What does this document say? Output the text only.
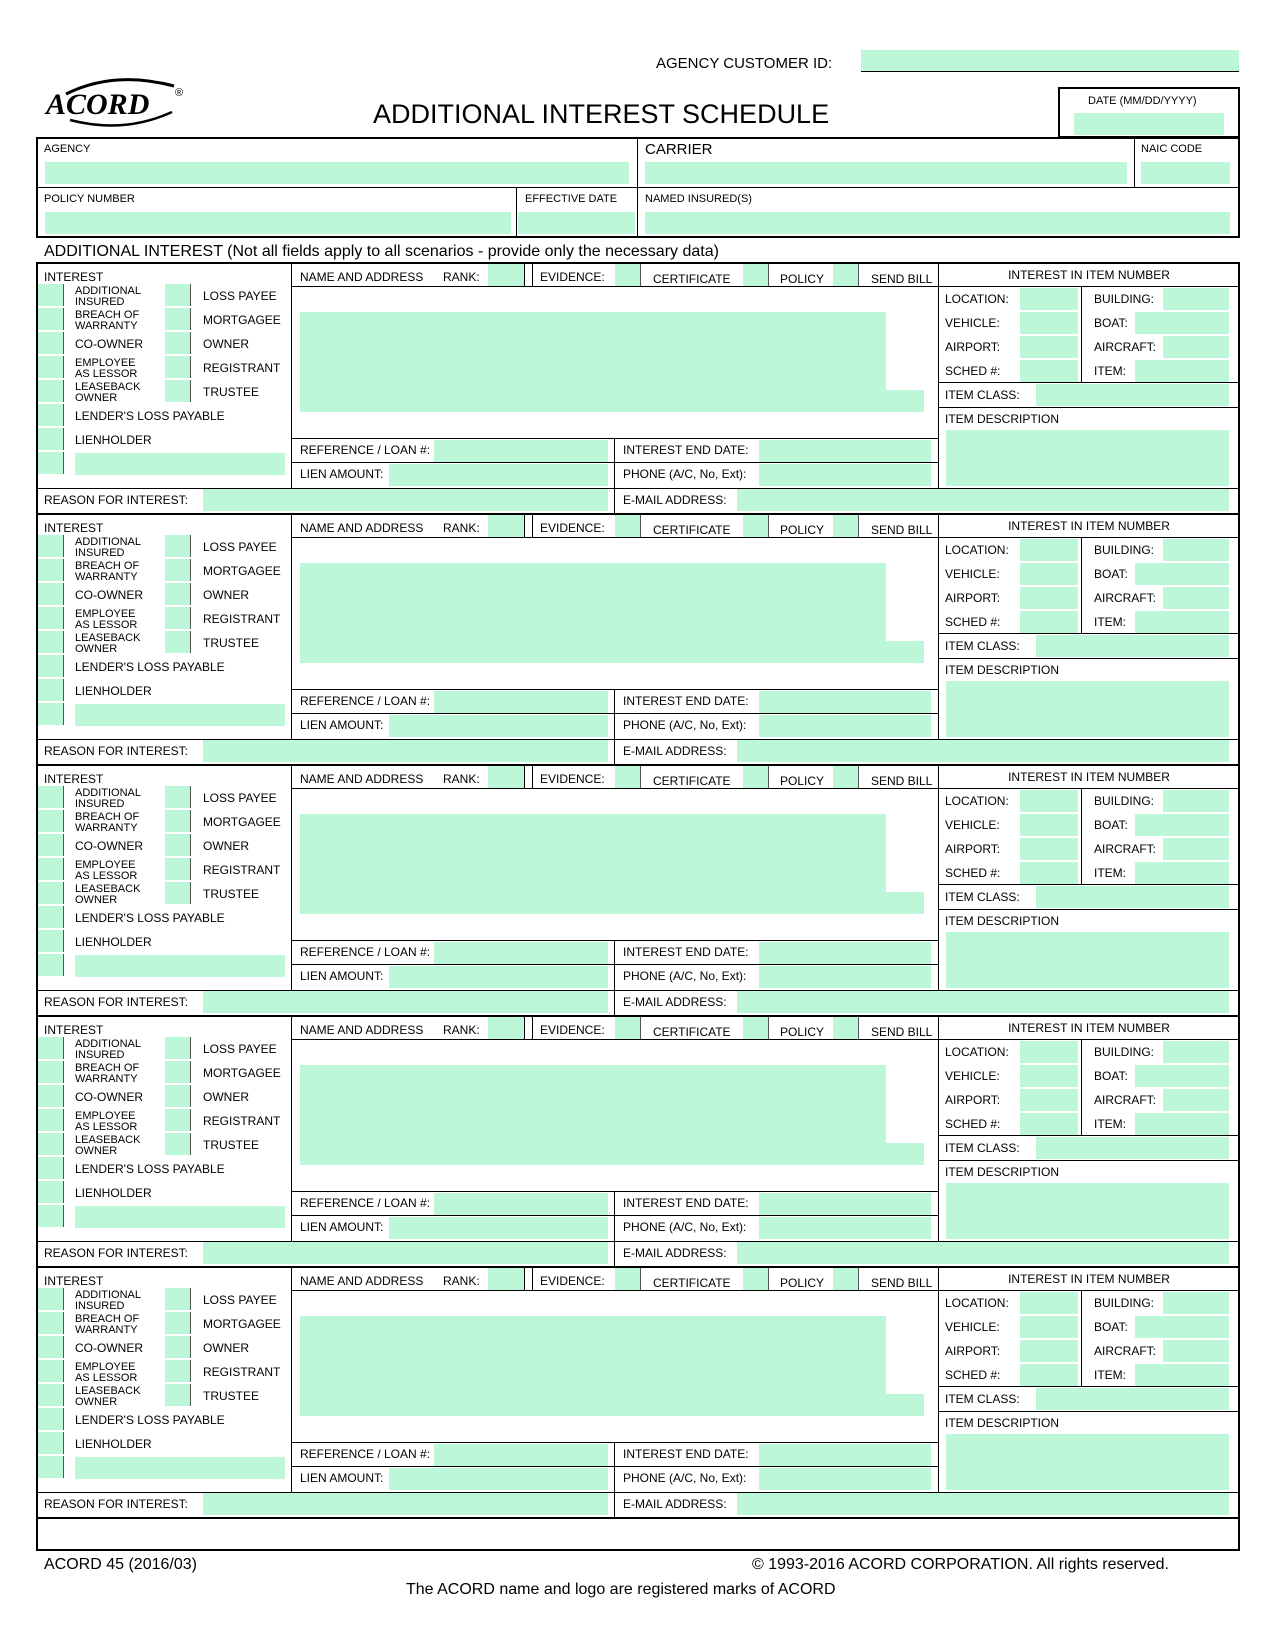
AGENCY CUSTOMER ID:
ACORD ®
ADDITIONAL INTEREST SCHEDULE	DATE (MM/DD/YYYY)
AGENCY	CARRIER	NAIC CODE
POLICY NUMBER	EFFECTIVE DATE	NAMED INSURED(S)
ADDITIONAL INTEREST (Not all fields apply to all scenarios - provide only the necessary data)
INTEREST
ADDITIONAL
INSURED
BREACH OF
WARRANTY
CO-OWNER
EMPLOYEE
AS LESSOR
LEASEBACK
OWNER
LENDER'S LOSS PAYABLE
LIENHOLDER
LOSS PAYEE
MORTGAGEE
OWNER
REGISTRANT
TRUSTEE
NAME AND ADDRESS RANK:	EVIDENCE:	CERTIFICATE	POLICY	SEND BILL
REFERENCE / LOAN #:
LIEN AMOUNT:
INTEREST END DATE:
PHONE (A/C, No, Ext):
INTEREST IN ITEM NUMBER
LOCATION:	BUILDING:
VEHICLE:	BOAT:
AIRPORT:	AIRCRAFT:
SCHED #:	ITEM:
ITEM CLASS:
ITEM DESCRIPTION
REASON FOR INTEREST:	E-MAIL ADDRESS:
INTEREST
ADDITIONAL
INSURED
BREACH OF
WARRANTY
CO-OWNER
EMPLOYEE
AS LESSOR
LEASEBACK
OWNER
LENDER'S LOSS PAYABLE
LIENHOLDER
LOSS PAYEE
MORTGAGEE
OWNER
REGISTRANT
TRUSTEE
NAME AND ADDRESS RANK:	EVIDENCE:	CERTIFICATE	POLICY	SEND BILL
REFERENCE / LOAN #:
LIEN AMOUNT:
INTEREST END DATE:
PHONE (A/C, No, Ext):
INTEREST IN ITEM NUMBER
LOCATION:	BUILDING:
VEHICLE:	BOAT:
AIRPORT:	AIRCRAFT:
SCHED #:	ITEM:
ITEM CLASS:
ITEM DESCRIPTION
REASON FOR INTEREST:	E-MAIL ADDRESS:
INTEREST
ADDITIONAL
INSURED
BREACH OF
WARRANTY
CO-OWNER
EMPLOYEE
AS LESSOR
LEASEBACK
OWNER
LENDER'S LOSS PAYABLE
LIENHOLDER
LOSS PAYEE
MORTGAGEE
OWNER
REGISTRANT
TRUSTEE
NAME AND ADDRESS RANK:	EVIDENCE:	CERTIFICATE	POLICY	SEND BILL
REFERENCE / LOAN #:
LIEN AMOUNT:
INTEREST END DATE:
PHONE (A/C, No, Ext):
INTEREST IN ITEM NUMBER
LOCATION:	BUILDING:
VEHICLE:	BOAT:
AIRPORT:	AIRCRAFT:
SCHED #:	ITEM:
ITEM CLASS:
ITEM DESCRIPTION
REASON FOR INTEREST:	E-MAIL ADDRESS:
INTEREST
ADDITIONAL
INSURED
BREACH OF
WARRANTY
CO-OWNER
EMPLOYEE
AS LESSOR
LEASEBACK
OWNER
LENDER'S LOSS PAYABLE
LIENHOLDER
LOSS PAYEE
MORTGAGEE
OWNER
REGISTRANT
TRUSTEE
NAME AND ADDRESS RANK:	EVIDENCE:	CERTIFICATE	POLICY	SEND BILL
REFERENCE / LOAN #:
LIEN AMOUNT:
INTEREST END DATE:
PHONE (A/C, No, Ext):
INTEREST IN ITEM NUMBER
LOCATION:	BUILDING:
VEHICLE:	BOAT:
AIRPORT:	AIRCRAFT:
SCHED #:	ITEM:
ITEM CLASS:
ITEM DESCRIPTION
REASON FOR INTEREST:	E-MAIL ADDRESS:
INTEREST
ADDITIONAL
INSURED
BREACH OF
WARRANTY
CO-OWNER
EMPLOYEE
AS LESSOR
LEASEBACK
OWNER
LENDER'S LOSS PAYABLE
LIENHOLDER
LOSS PAYEE
MORTGAGEE
OWNER
REGISTRANT
TRUSTEE
NAME AND ADDRESS RANK:	EVIDENCE:	CERTIFICATE	POLICY	SEND BILL
REFERENCE / LOAN #:
LIEN AMOUNT:
INTEREST END DATE:
PHONE (A/C, No, Ext):
INTEREST IN ITEM NUMBER
LOCATION:	BUILDING:
VEHICLE:	BOAT:
AIRPORT:	AIRCRAFT:
SCHED #:	ITEM:
ITEM CLASS:
ITEM DESCRIPTION
REASON FOR INTEREST:	E-MAIL ADDRESS:
ACORD 45 (2016/03)	© 1993-2016 ACORD CORPORATION. All rights reserved.
The ACORD name and logo are registered marks of ACORD
